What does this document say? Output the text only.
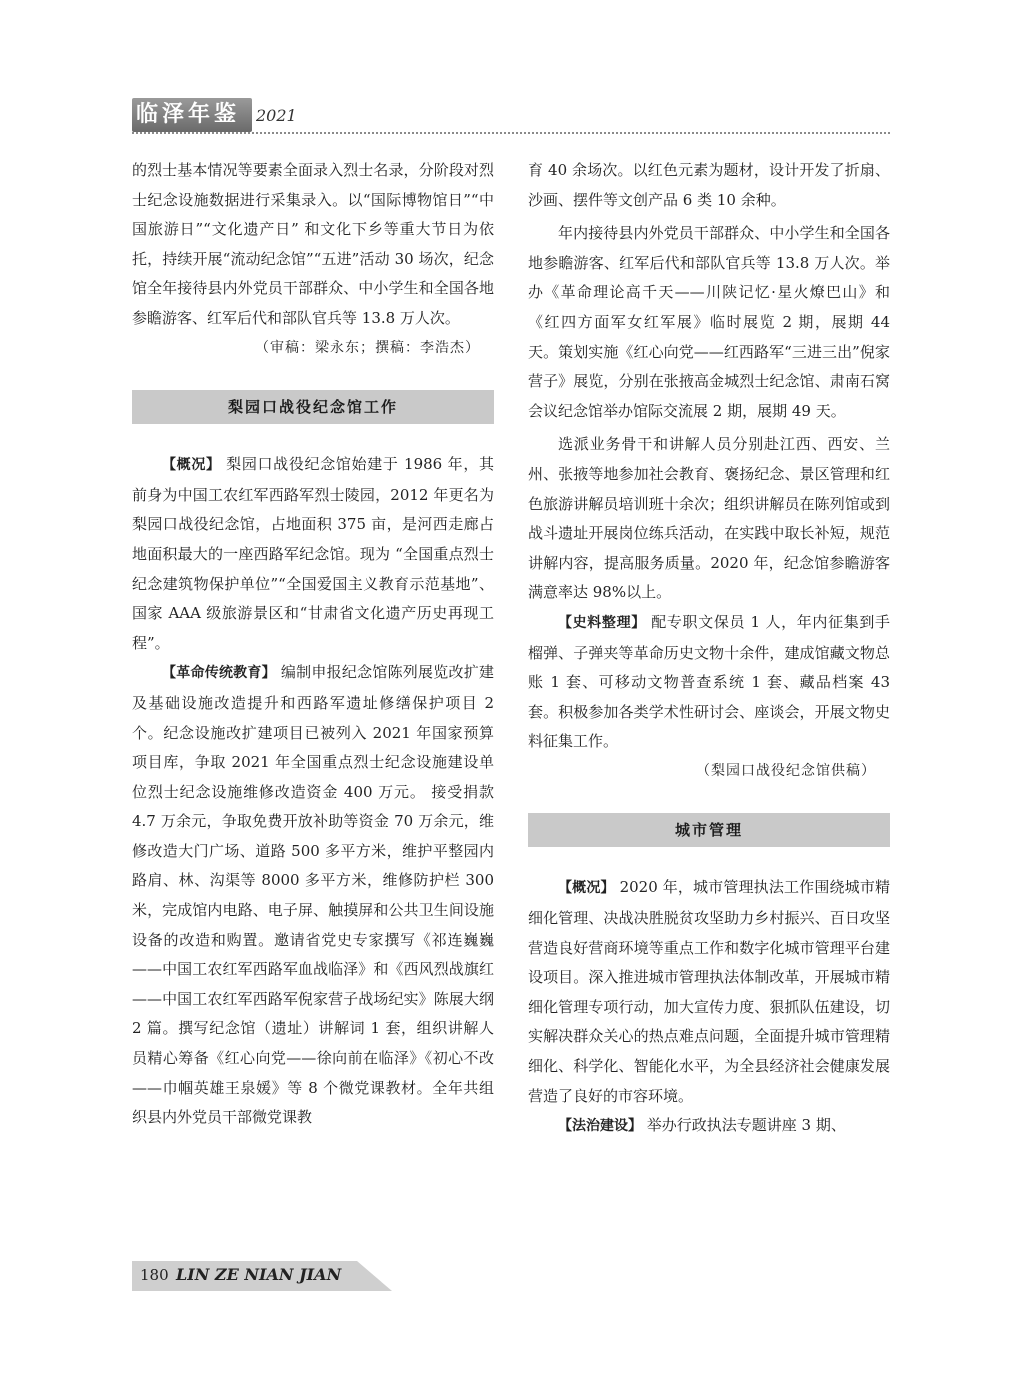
临泽年鉴 2021

的烈士基本情况等要素全面录入烈士名录，分阶段对烈士纪念设施数据进行采集录入。以“国际博物馆日”“中国旅游日”“文化遗产日” 和文化下乡等重大节日为依托，持续开展“流动纪念馆”“五进”活动 30 场次，纪念馆全年接待县内外党员干部群众、中小学生和全国各地参瞻游客、红军后代和部队官兵等 13.8 万人次。

（审稿：梁永东；撰稿：李浩杰）

梨园口战役纪念馆工作

【概况】 梨园口战役纪念馆始建于 1986 年，其前身为中国工农红军西路军烈士陵园，2012 年更名为梨园口战役纪念馆，占地面积 375 亩，是河西走廊占地面积最大的一座西路军纪念馆。现为 “全国重点烈士纪念建筑物保护单位”“全国爱国主义教育示范基地”、国家 AAA 级旅游景区和“甘肃省文化遗产历史再现工程”。

【革命传统教育】 编制申报纪念馆陈列展览改扩建及基础设施改造提升和西路军遗址修缮保护项目 2 个。纪念设施改扩建项目已被列入 2021 年国家预算项目库，争取 2021 年全国重点烈士纪念设施建设单位烈士纪念设施维修改造资金 400 万元。 接受捐款 4.7 万余元，争取免费开放补助等资金 70 万余元，维修改造大门广场、道路 500 多平方米，维护平整园内路肩、林、沟渠等 8000 多平方米，维修防护栏 300 米，完成馆内电路、电子屏、触摸屏和公共卫生间设施设备的改造和购置。邀请省党史专家撰写《祁连巍巍——中国工农红军西路军血战临泽》和《西风烈战旗红——中国工农红军西路军倪家营子战场纪实》陈展大纲 2 篇。撰写纪念馆（遗址）讲解词 1 套，组织讲解人员精心筹备《红心向党——徐向前在临泽》《初心不改——巾帼英雄王泉媛》等 8 个微党课教材。全年共组织县内外党员干部微党课教

育 40 余场次。以红色元素为题材，设计开发了折扇、沙画、摆件等文创产品 6 类 10 余种。

年内接待县内外党员干部群众、中小学生和全国各地参瞻游客、红军后代和部队官兵等 13.8 万人次。举办《革命理论高千天——川陕记忆·星火燎巴山》和《红四方面军女红军展》临时展览 2 期，展期 44 天。策划实施《红心向党——红西路军“三进三出”倪家营子》展览，分别在张掖高金城烈士纪念馆、肃南石窝会议纪念馆举办馆际交流展 2 期，展期 49 天。

选派业务骨干和讲解人员分别赴江西、西安、兰州、张掖等地参加社会教育、褒扬纪念、景区管理和红色旅游讲解员培训班十余次；组织讲解员在陈列馆或到战斗遗址开展岗位练兵活动，在实践中取长补短，规范讲解内容，提高服务质量。2020 年，纪念馆参瞻游客满意率达 98%以上。

【史料整理】 配专职文保员 1 人，年内征集到手榴弹、子弹夹等革命历史文物十余件，建成馆藏文物总账 1 套、可移动文物普查系统 1 套、藏品档案 43 套。积极参加各类学术性研讨会、座谈会，开展文物史料征集工作。

（梨园口战役纪念馆供稿）

城市管理

【概况】 2020 年，城市管理执法工作围绕城市精细化管理、决战决胜脱贫攻坚助力乡村振兴、百日攻坚营造良好营商环境等重点工作和数字化城市管理平台建设项目。深入推进城市管理执法体制改革，开展城市精细化管理专项行动，加大宣传力度、狠抓队伍建设，切实解决群众关心的热点难点问题，全面提升城市管理精细化、科学化、智能化水平，为全县经济社会健康发展营造了良好的市容环境。

【法治建设】 举办行政执法专题讲座 3 期、

180 LIN ZE NIAN JIAN
